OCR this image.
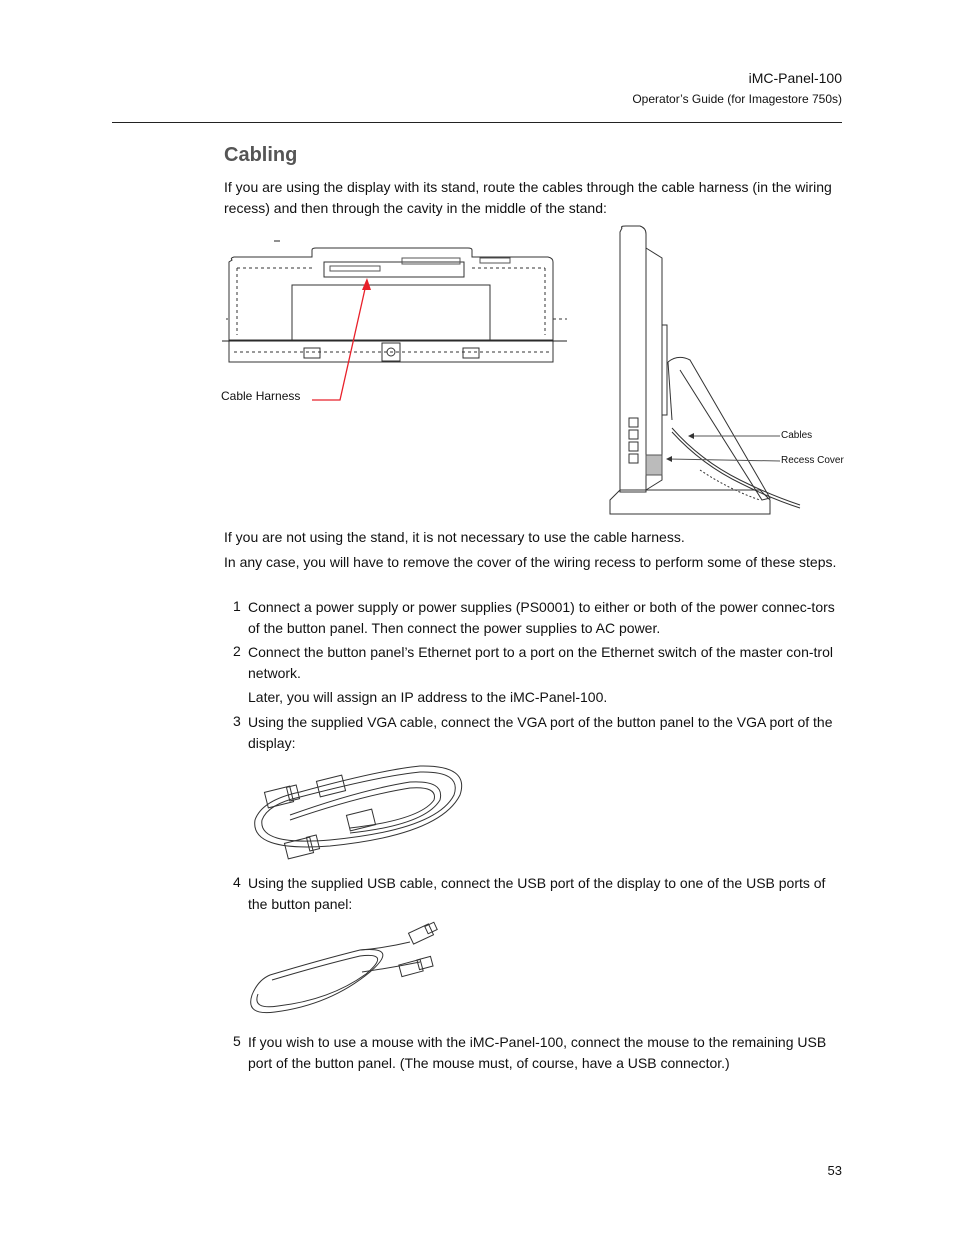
iMC-Panel-100
Operator’s Guide (for Imagestore 750s)
Cabling
If you are using the display with its stand, route the cables through the cable harness (in the wiring recess) and then through the cavity in the middle of the stand:
Cable Harness
Cables
Recess Cover
If you are not using the stand, it is not necessary to use the cable harness.
In any case, you will have to remove the cover of the wiring recess to perform some of these steps.
1 Connect a power supply or power supplies (PS0001) to either or both of the power connec-tors of the button panel. Then connect the power supplies to AC power.
2 Connect the button panel’s Ethernet port to a port on the Ethernet switch of the master con-trol network.
Later, you will assign an IP address to the iMC-Panel-100.
3 Using the supplied VGA cable, connect the VGA port of the button panel to the VGA port of the display:
4 Using the supplied USB cable, connect the USB port of the display to one of the USB ports of the button panel:
5 If you wish to use a mouse with the iMC-Panel-100, connect the mouse to the remaining USB port of the button panel. (The mouse must, of course, have a USB connector.)
53
